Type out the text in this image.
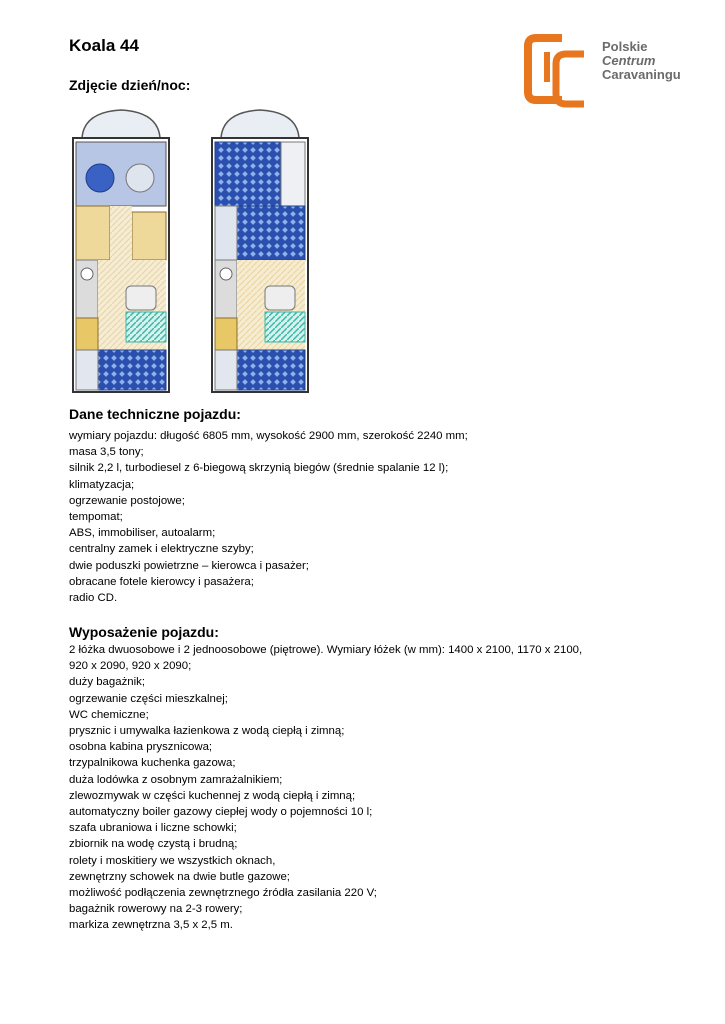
Koala 44
Zdjęcie dzień/noc:
Polskie
Centrum
Caravaningu
Dane techniczne pojazdu:
wymiary pojazdu: długość 6805 mm, wysokość 2900 mm, szerokość 2240 mm;
masa 3,5 tony;
silnik 2,2 l, turbodiesel z 6-biegową skrzynią biegów (średnie spalanie 12 l);
klimatyzacja;
ogrzewanie postojowe;
tempomat;
ABS, immobiliser, autoalarm;
centralny zamek i elektryczne szyby;
dwie poduszki powietrzne – kierowca i pasażer;
obracane fotele kierowcy i pasażera;
radio CD.
Wyposażenie pojazdu:
2 łóżka dwuosobowe i 2 jednoosobowe (piętrowe). Wymiary łóżek (w mm): 1400 x 2100, 1170 x 2100,
920 x 2090, 920 x 2090;
duży bagażnik;
ogrzewanie części mieszkalnej;
WC chemiczne;
prysznic i umywalka łazienkowa z wodą ciepłą i zimną;
osobna kabina prysznicowa;
trzypalnikowa kuchenka gazowa;
duża lodówka z osobnym zamrażalnikiem;
zlewozmywak w części kuchennej z wodą ciepłą i zimną;
automatyczny boiler gazowy ciepłej wody o pojemności 10 l;
szafa ubraniowa i liczne schowki;
zbiornik na wodę czystą i brudną;
rolety i moskitiery we wszystkich oknach,
zewnętrzny schowek na dwie butle gazowe;
możliwość podłączenia zewnętrznego źródła zasilania 220 V;
bagażnik rowerowy na 2-3 rowery;
markiza zewnętrzna 3,5 x 2,5 m.
